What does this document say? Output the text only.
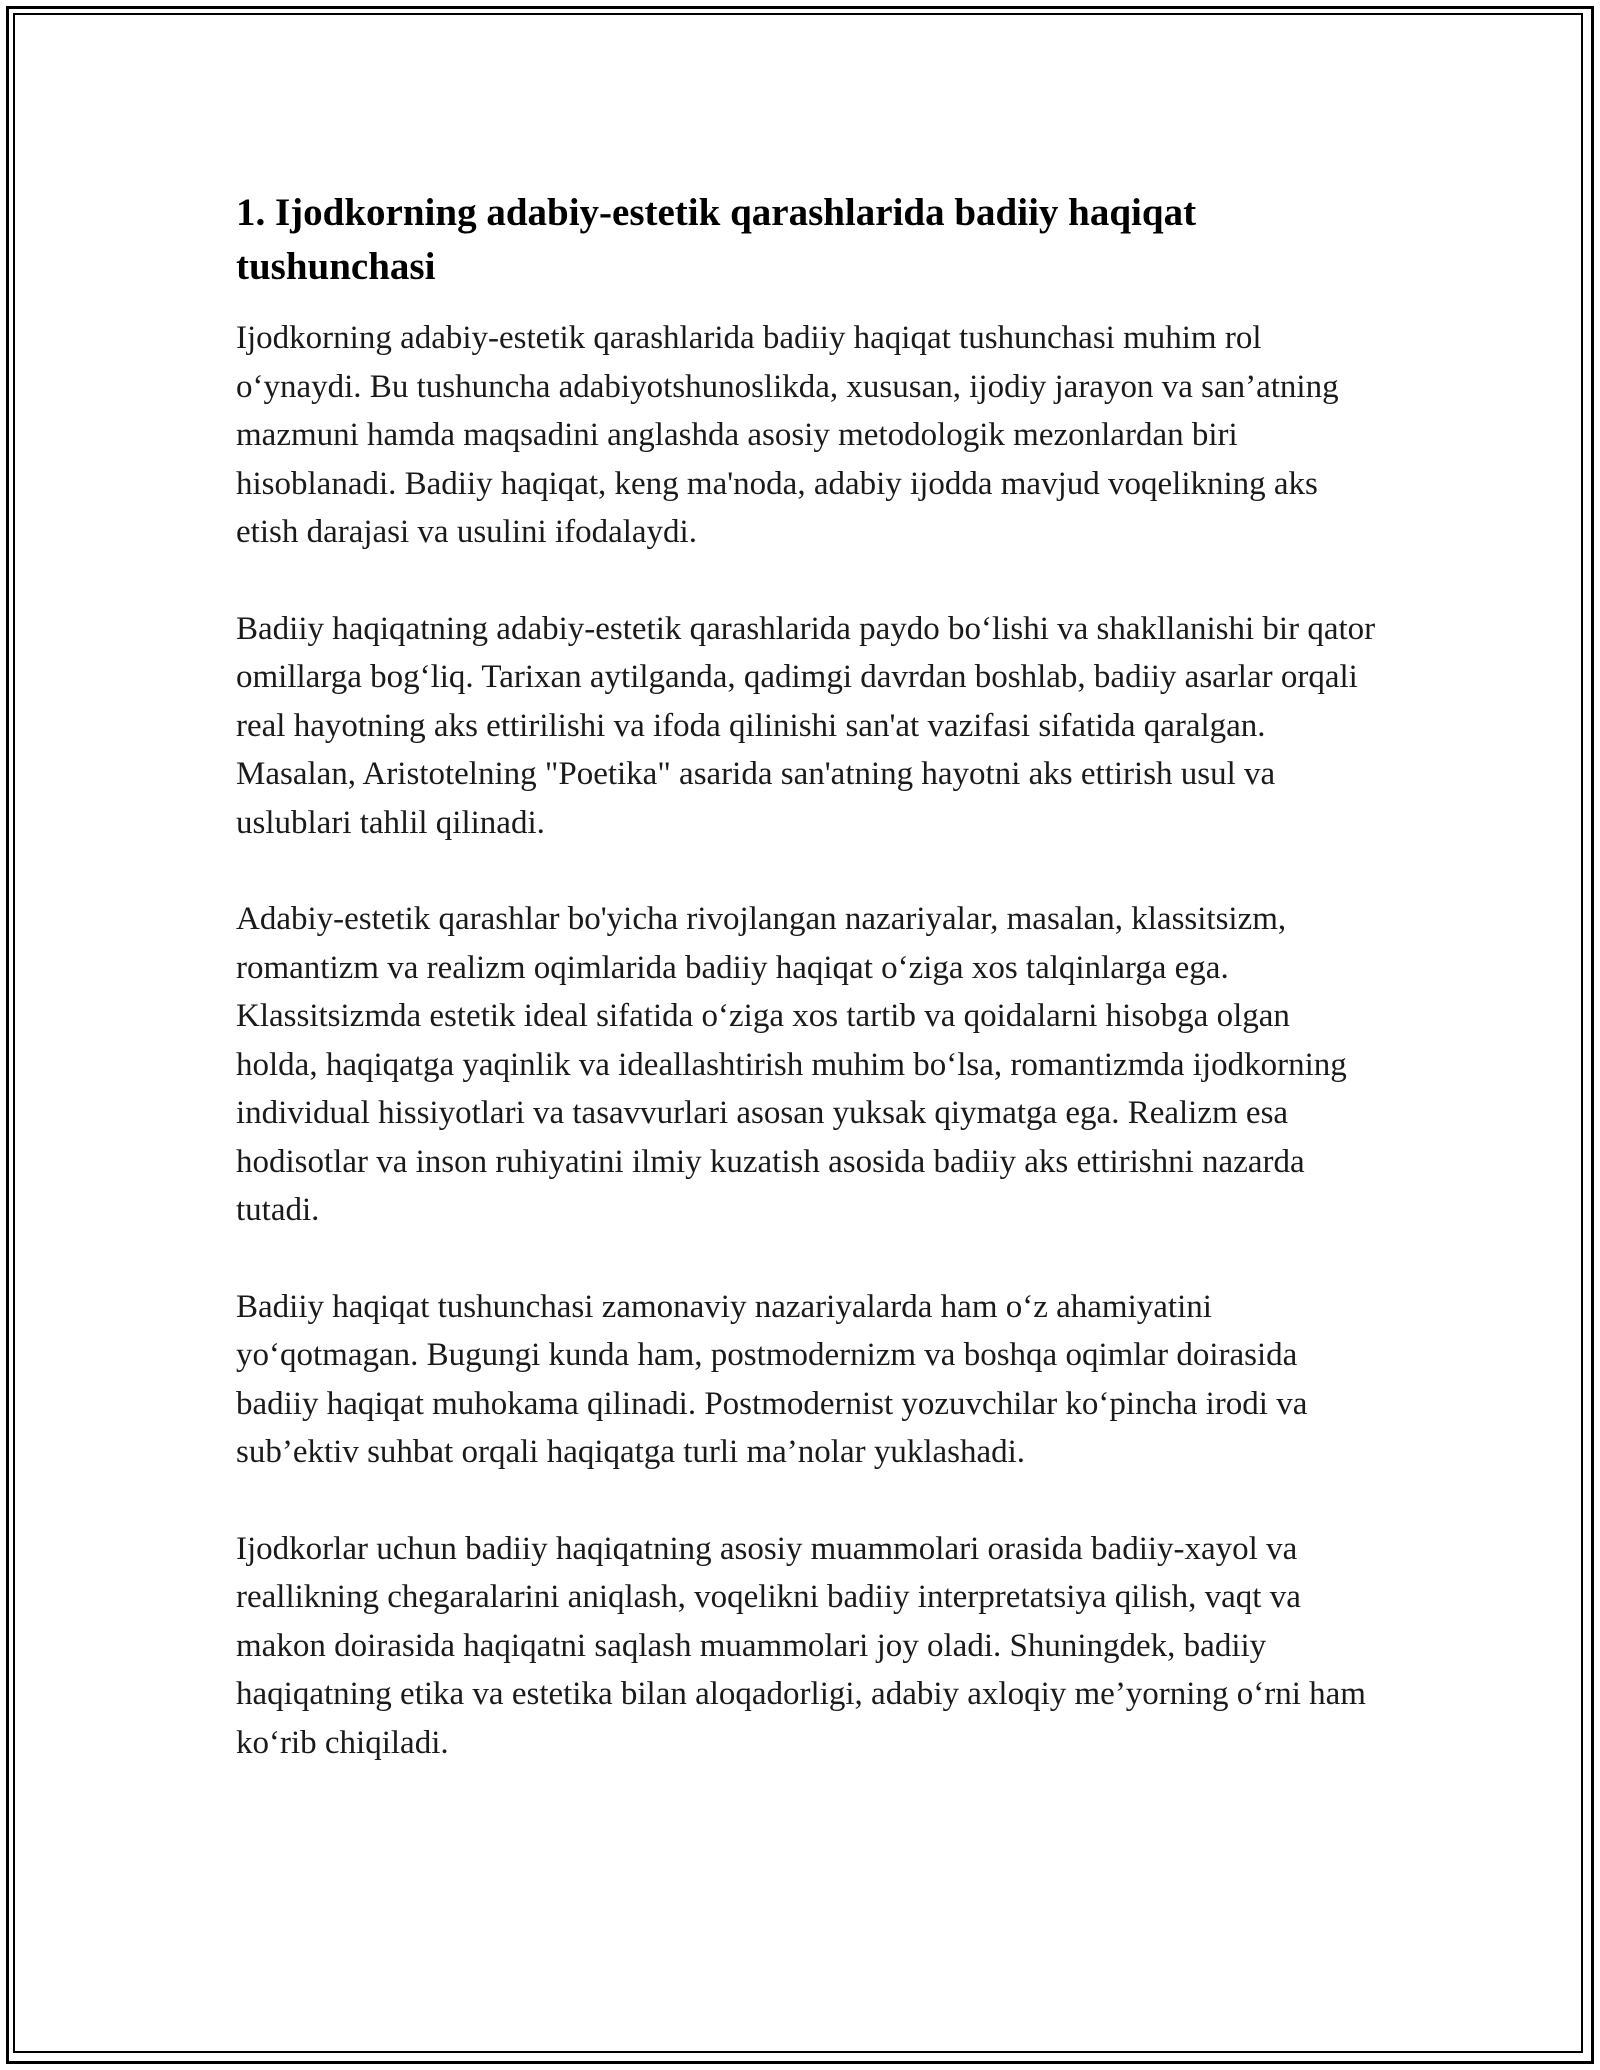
1. Ijodkorning adabiy-estetik qarashlarida badiiy haqiqat tushunchasi

Ijodkorning adabiy-estetik qarashlarida badiiy haqiqat tushunchasi muhim rol o‘ynaydi. Bu tushuncha adabiyotshunoslikda, xususan, ijodiy jarayon va san’atning mazmuni hamda maqsadini anglashda asosiy metodologik mezonlardan biri hisoblanadi. Badiiy haqiqat, keng ma'noda, adabiy ijodda mavjud voqelikning aks etish darajasi va usulini ifodalaydi.

Badiiy haqiqatning adabiy-estetik qarashlarida paydo bo‘lishi va shakllanishi bir qator omillarga bog‘liq. Tarixan aytilganda, qadimgi davrdan boshlab, badiiy asarlar orqali real hayotning aks ettirilishi va ifoda qilinishi san'at vazifasi sifatida qaralgan. Masalan, Aristotelning "Poetika" asarida san'atning hayotni aks ettirish usul va uslublari tahlil qilinadi.

Adabiy-estetik qarashlar bo'yicha rivojlangan nazariyalar, masalan, klassitsizm, romantizm va realizm oqimlarida badiiy haqiqat o‘ziga xos talqinlarga ega. Klassitsizmda estetik ideal sifatida o‘ziga xos tartib va qoidalarni hisobga olgan holda, haqiqatga yaqinlik va ideallashtirish muhim bo‘lsa, romantizmda ijodkorning individual hissiyotlari va tasavvurlari asosan yuksak qiymatga ega. Realizm esa hodisotlar va inson ruhiyatini ilmiy kuzatish asosida badiiy aks ettirishni nazarda tutadi.

Badiiy haqiqat tushunchasi zamonaviy nazariyalarda ham o‘z ahamiyatini yo‘qotmagan. Bugungi kunda ham, postmodernizm va boshqa oqimlar doirasida badiiy haqiqat muhokama qilinadi. Postmodernist yozuvchilar ko‘pincha irodi va sub’ektiv suhbat orqali haqiqatga turli ma’nolar yuklashadi.

Ijodkorlar uchun badiiy haqiqatning asosiy muammolari orasida badiiy-xayol va reallikning chegaralarini aniqlash, voqelikni badiiy interpretatsiya qilish, vaqt va makon doirasida haqiqatni saqlash muammolari joy oladi. Shuningdek, badiiy haqiqatning etika va estetika bilan aloqadorligi, adabiy axloqiy me’yorning o‘rni ham ko‘rib chiqiladi.
